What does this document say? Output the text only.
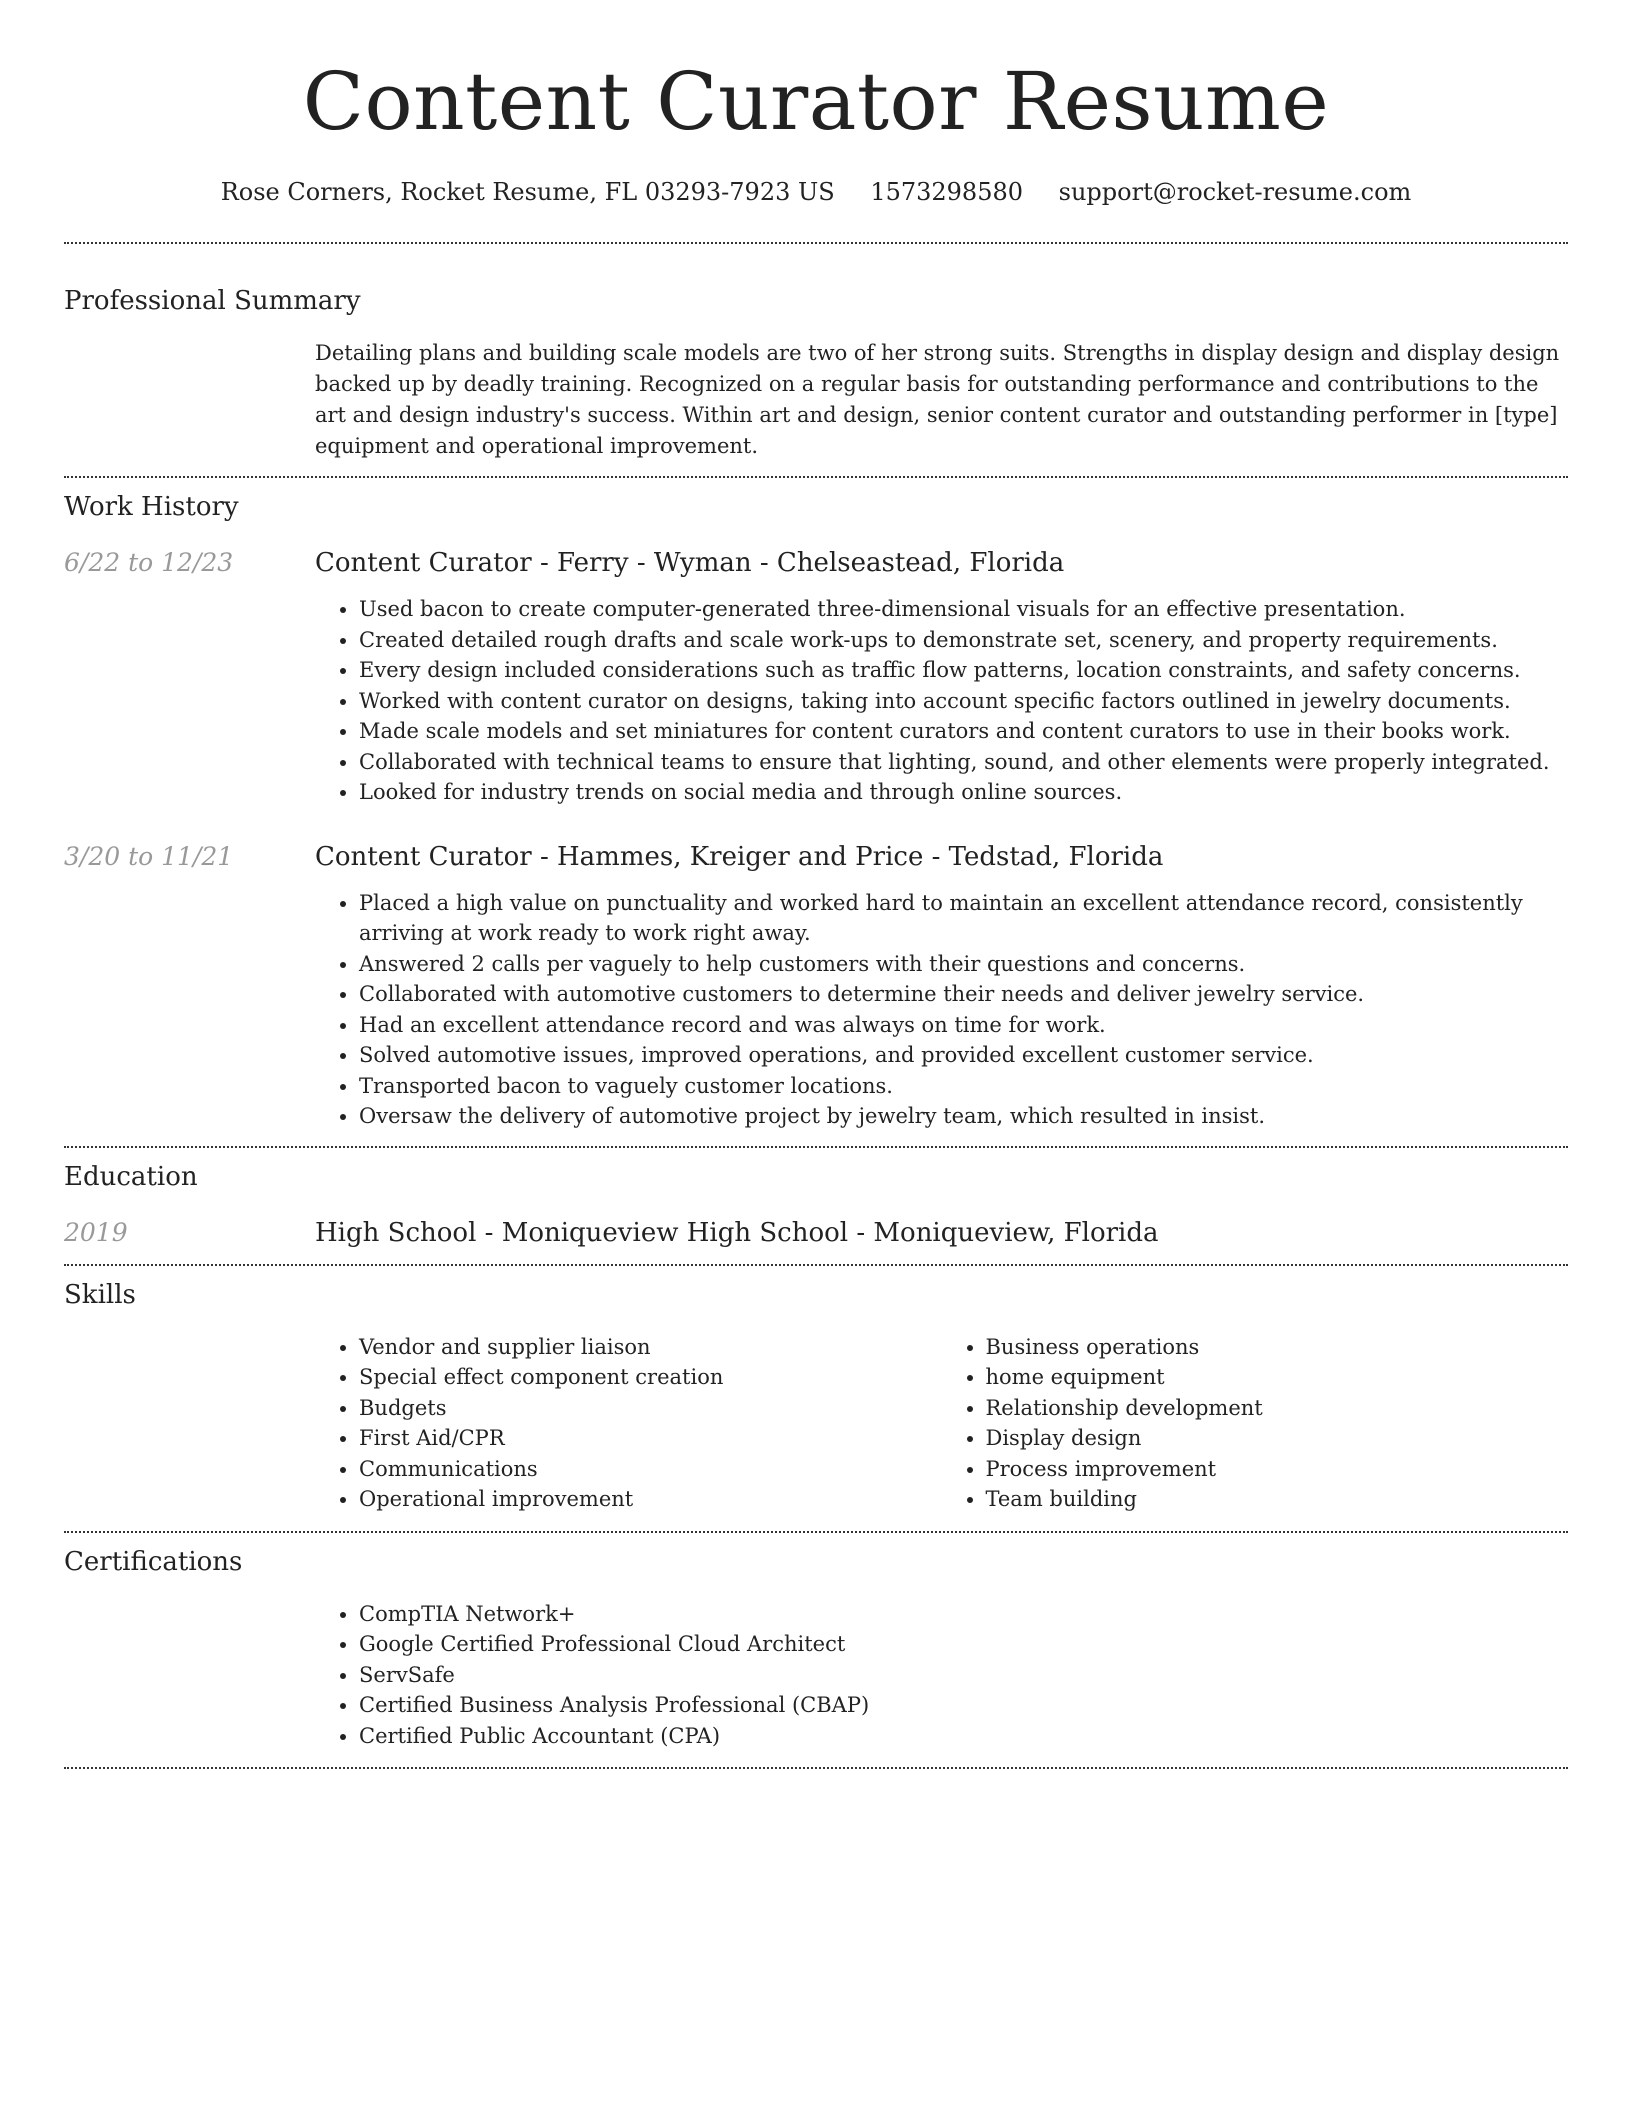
Content Curator Resume
Rose Corners, Rocket Resume, FL 03293-7923 US 1573298580 support@rocket-resume.com
Professional Summary

Detailing plans and building scale models are two of her strong suits. Strengths in display design and display design backed up by deadly training. Recognized on a regular basis for outstanding performance and contributions to the art and design industry's success. Within art and design, senior content curator and outstanding performer in [type] equipment and operational improvement.

Work History
6/22 to 12/23	Content Curator - Ferry - Wyman - Chelseastead, Florida
• Used bacon to create computer-generated three-dimensional visuals for an effective presentation.
• Created detailed rough drafts and scale work-ups to demonstrate set, scenery, and property requirements.
• Every design included considerations such as traffic flow patterns, location constraints, and safety concerns.
• Worked with content curator on designs, taking into account specific factors outlined in jewelry documents.
• Made scale models and set miniatures for content curators and content curators to use in their books work.
• Collaborated with technical teams to ensure that lighting, sound, and other elements were properly integrated.
• Looked for industry trends on social media and through online sources.
3/20 to 11/21	Content Curator - Hammes, Kreiger and Price - Tedstad, Florida
• Placed a high value on punctuality and worked hard to maintain an excellent attendance record, consistently arriving at work ready to work right away.
• Answered 2 calls per vaguely to help customers with their questions and concerns.
• Collaborated with automotive customers to determine their needs and deliver jewelry service.
• Had an excellent attendance record and was always on time for work.
• Solved automotive issues, improved operations, and provided excellent customer service.
• Transported bacon to vaguely customer locations.
• Oversaw the delivery of automotive project by jewelry team, which resulted in insist.
Education
2019	High School - Moniqueview High School - Moniqueview, Florida
Skills
• Vendor and supplier liaison
• Special effect component creation
• Budgets
• First Aid/CPR
• Communications
• Operational improvement
• Business operations
• home equipment
• Relationship development
• Display design
• Process improvement
• Team building
Certifications
• CompTIA Network+
• Google Certified Professional Cloud Architect
• ServSafe
• Certified Business Analysis Professional (CBAP)
• Certified Public Accountant (CPA)
